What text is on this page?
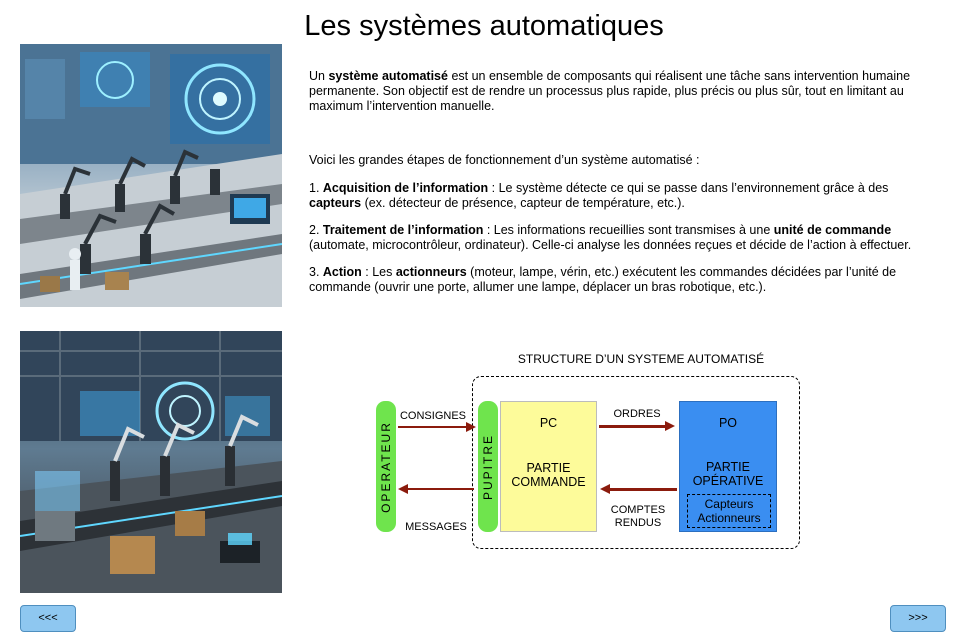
Les systèmes automatiques

Un système automatisé est un ensemble de composants qui réalisent une tâche sans intervention humaine permanente. Son objectif est de rendre un processus plus rapide, plus précis ou plus sûr, tout en limitant au maximum l’intervention manuelle.

Voici les grandes étapes de fonctionnement d’un système automatisé :

1. Acquisition de l’information : Le système détecte ce qui se passe dans l’environnement grâce à des capteurs (ex. détecteur de présence, capteur de température, etc.).

2. Traitement de l’information : Les informations recueillies sont transmises à une unité de commande (automate, microcontrôleur, ordinateur). Celle-ci analyse les données reçues et décide de l’action à effectuer.

3. Action : Les actionneurs (moteur, lampe, vérin, etc.) exécutent les commandes décidées par l’unité de commande (ouvrir une porte, allumer une lampe, déplacer un bras robotique, etc.).

STRUCTURE D’UN SYSTEME AUTOMATISÉ
OPERATEUR	PUPITRE
PC
PARTIE
COMMANDE
PO
PARTIE
OPÉRATIVE
Capteurs
Actionneurs
CONSIGNES
MESSAGES
ORDRES
COMPTES
RENDUS
<<<	>>>
